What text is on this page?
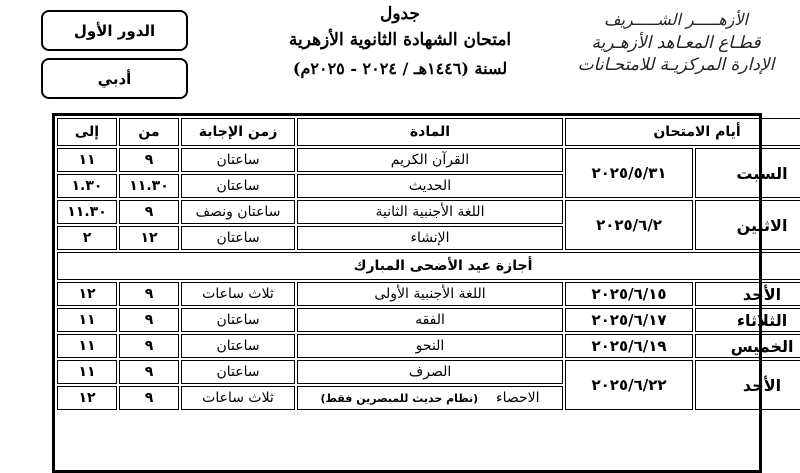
الدور الأول
أدبي
جدول
امتحان الشهادة الثانوية الأزهرية
لسنة (١٤٤٦هـ / ٢٠٢٤ - ٢٠٢٥م)
الأزهـــــر الشـــــريف
قطـاع المعـاهد الأزهـرية
الإدارة المركزيـة للامتحـانات
أيام الامتحان		المادة	زمن الإجابة	من	إلى
السبت	٢٠٢٥/٥/٣١	القرآن الكريم	ساعتان	٩	١١
		الحديث	ساعتان	١١.٣٠	١.٣٠
الاثنين	٢٠٢٥/٦/٢	اللغة الأجنبية الثانية	ساعتان ونصف	٩	١١.٣٠
		الإنشاء	ساعتان	١٢	٢
أجازة عيد الأضحى المبارك					
الأحد	٢٠٢٥/٦/١٥	اللغة الأجنبية الأولى	ثلاث ساعات	٩	١٢
الثلاثاء	٢٠٢٥/٦/١٧	الفقه	ساعتان	٩	١١
الخميس	٢٠٢٥/٦/١٩	النحو	ساعتان	٩	١١
الأحد	٢٠٢٥/٦/٢٢	الصرف	ساعتان	٩	١١
		الاحصاء    (نظام حديث للمبصرين فقط)	ثلاث ساعات	٩	١٢
